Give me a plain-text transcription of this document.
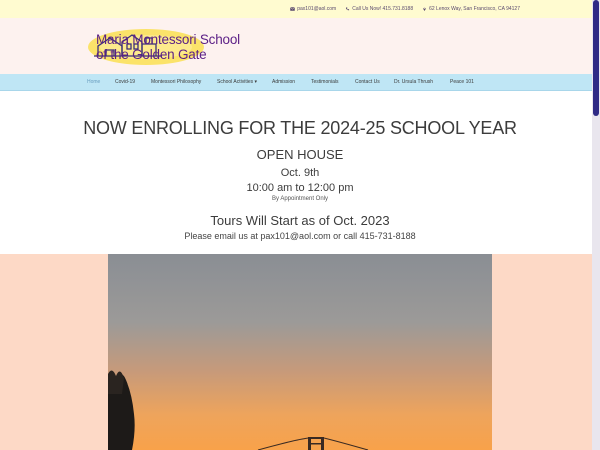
pax101@aol.com	Call Us Now! 415.731.8188	62 Lenox Way, San Francisco, CA 94127
Maria Montessori School
of the Golden Gate
Home	Covid-19	Montessori Philosophy	School Activities ▾	Admission	Testimonials	Contact Us	Dr. Ursula Thrush	Peace 101
NOW ENROLLING FOR THE 2024-25 SCHOOL YEAR
OPEN HOUSE
Oct. 9th
10:00 am to 12:00 pm
By Appointment Only
Tours Will Start as of Oct. 2023
Please email us at pax101@aol.com or call 415-731-8188
